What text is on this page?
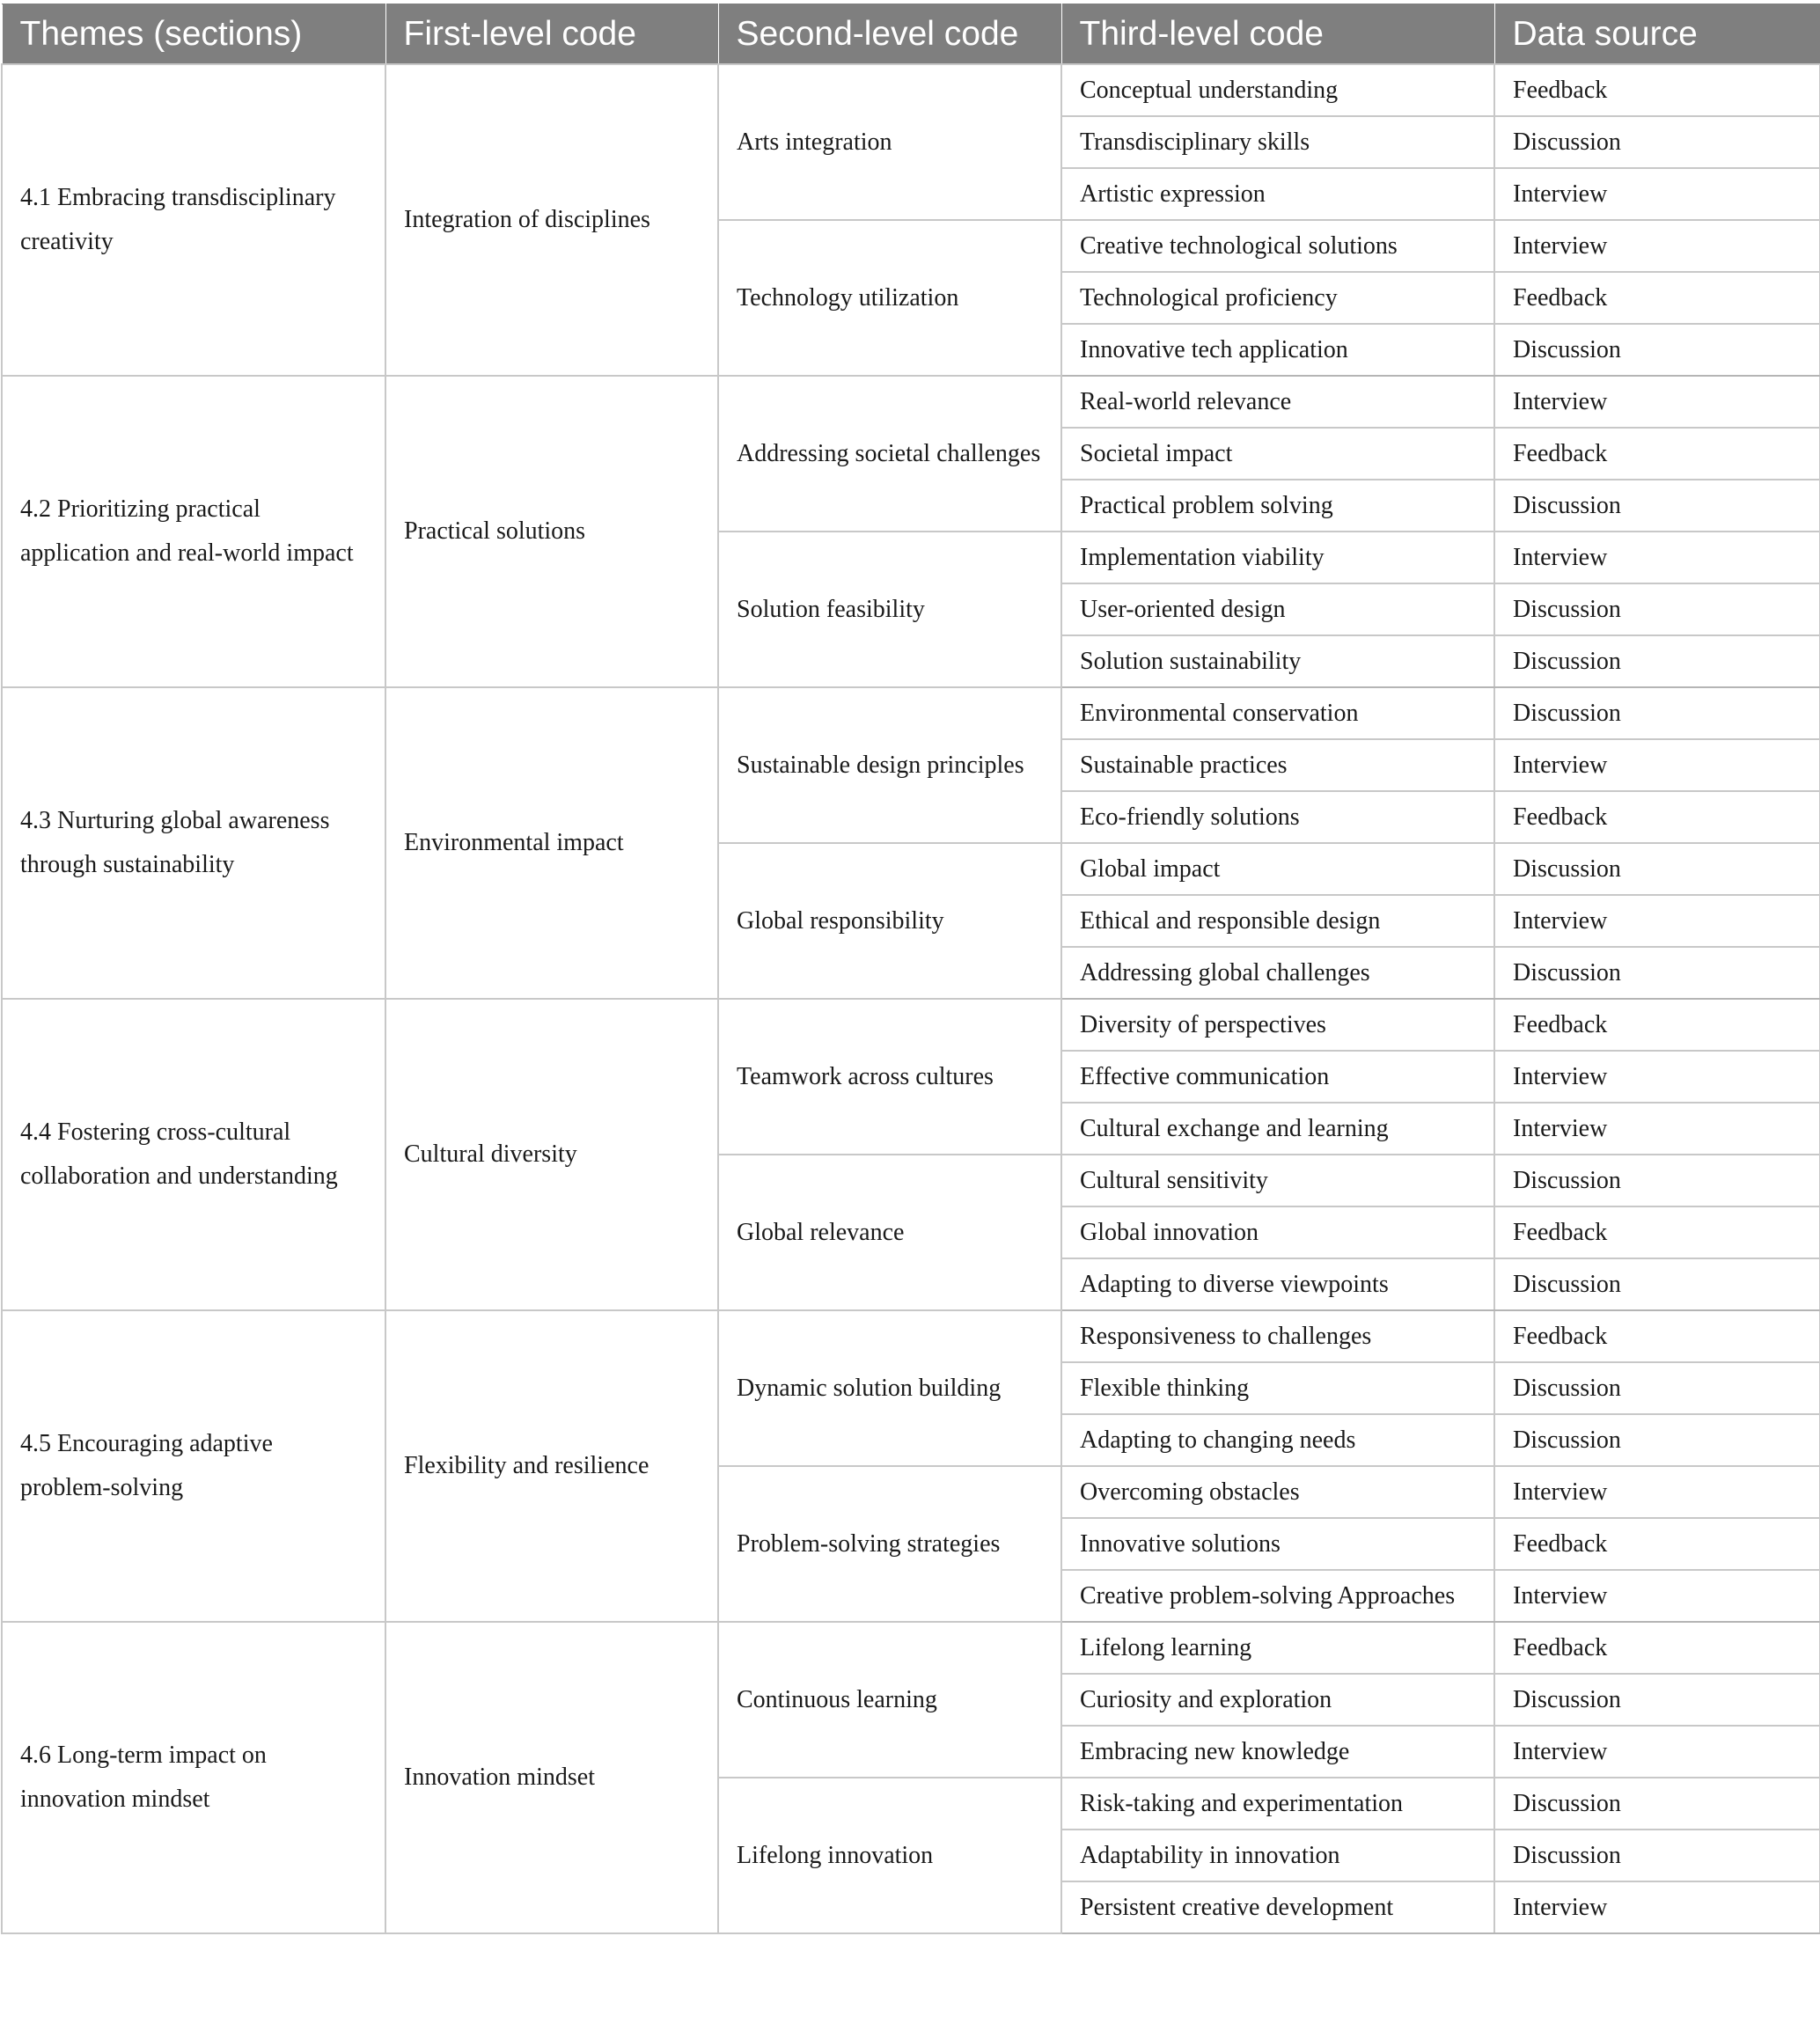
Themes (sections)	First-level code	Second-level code	Third-level code	Data source
4.1 Embracing transdisciplinary creativity	Integration of disciplines	Arts integration	Conceptual understanding	Feedback
			Transdisciplinary skills	Discussion
			Artistic expression	Interview
		Technology utilization	Creative technological solutions	Interview
			Technological proficiency	Feedback
			Innovative tech application	Discussion
4.2 Prioritizing practical application and real-world impact	Practical solutions	Addressing societal challenges	Real-world relevance	Interview
			Societal impact	Feedback
			Practical problem solving	Discussion
		Solution feasibility	Implementation viability	Interview
			User-oriented design	Discussion
			Solution sustainability	Discussion
4.3 Nurturing global awareness through sustainability	Environmental impact	Sustainable design principles	Environmental conservation	Discussion
			Sustainable practices	Interview
			Eco-friendly solutions	Feedback
		Global responsibility	Global impact	Discussion
			Ethical and responsible design	Interview
			Addressing global challenges	Discussion
4.4 Fostering cross-cultural collaboration and understanding	Cultural diversity	Teamwork across cultures	Diversity of perspectives	Feedback
			Effective communication	Interview
			Cultural exchange and learning	Interview
		Global relevance	Cultural sensitivity	Discussion
			Global innovation	Feedback
			Adapting to diverse viewpoints	Discussion
4.5 Encouraging adaptive problem-solving	Flexibility and resilience	Dynamic solution building	Responsiveness to challenges	Feedback
			Flexible thinking	Discussion
			Adapting to changing needs	Discussion
		Problem-solving strategies	Overcoming obstacles	Interview
			Innovative solutions	Feedback
			Creative problem-solving Approaches	Interview
4.6 Long-term impact on innovation mindset	Innovation mindset	Continuous learning	Lifelong learning	Feedback
			Curiosity and exploration	Discussion
			Embracing new knowledge	Interview
		Lifelong innovation	Risk-taking and experimentation	Discussion
			Adaptability in innovation	Discussion
			Persistent creative development	Interview
